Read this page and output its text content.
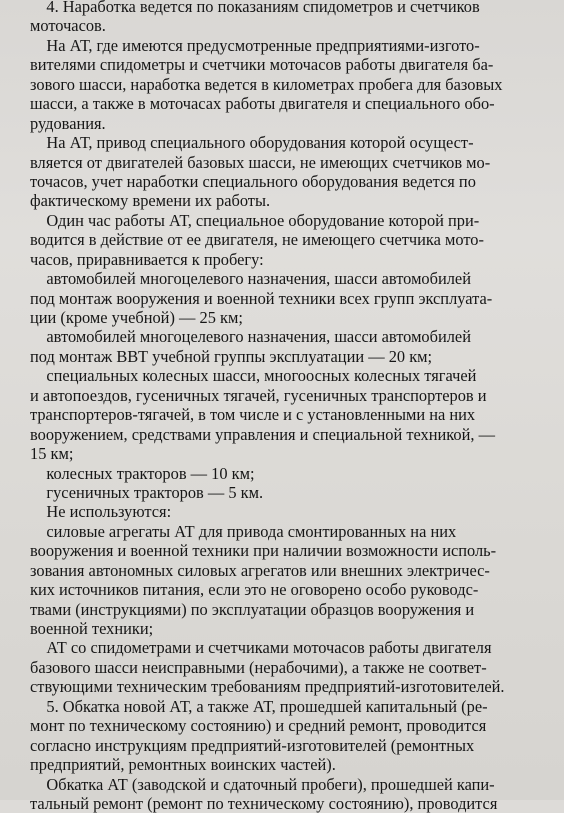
4. Наработка ведется по показаниям спидометров и счетчиков
моточасов.
На АТ, где имеются предусмотренные предприятиями-изгото-
вителями спидометры и счетчики моточасов работы двигателя ба-
зового шасси, наработка ведется в километрах пробега для базовых
шасси, а также в моточасах работы двигателя и специального обо-
рудования.
На АТ, привод специального оборудования которой осущест-
вляется от двигателей базовых шасси, не имеющих счетчиков мо-
точасов, учет наработки специального оборудования ведется по
фактическому времени их работы.
Один час работы АТ, специальное оборудование которой при-
водится в действие от ее двигателя, не имеющего счетчика мото-
часов, приравнивается к пробегу:
автомобилей многоцелевого назначения, шасси автомобилей
под монтаж вооружения и военной техники всех групп эксплуата-
ции (кроме учебной) — 25 км;
автомобилей многоцелевого назначения, шасси автомобилей
под монтаж ВВТ учебной группы эксплуатации — 20 км;
специальных колесных шасси, многоосных колесных тягачей
и автопоездов, гусеничных тягачей, гусеничных транспортеров и
транспортеров-тягачей, в том числе и с установленными на них
вооружением, средствами управления и специальной техникой, —
15 км;
колесных тракторов — 10 км;
гусеничных тракторов — 5 км.
Не используются:
силовые агрегаты АТ для привода смонтированных на них
вооружения и военной техники при наличии возможности исполь-
зования автономных силовых агрегатов или внешних электричес-
ких источников питания, если это не оговорено особо руководс-
твами (инструкциями) по эксплуатации образцов вооружения и
военной техники;
АТ со спидометрами и счетчиками моточасов работы двигателя
базового шасси неисправными (нерабочими), а также не соответ-
ствующими техническим требованиям предприятий-изготовителей.
5. Обкатка новой АТ, а также АТ, прошедшей капитальный (ре-
монт по техническому состоянию) и средний ремонт, проводится
согласно инструкциям предприятий-изготовителей (ремонтных
предприятий, ремонтных воинских частей).
Обкатка АТ (заводской и сдаточный пробеги), прошедшей капи-
тальный ремонт (ремонт по техническому состоянию), проводится
